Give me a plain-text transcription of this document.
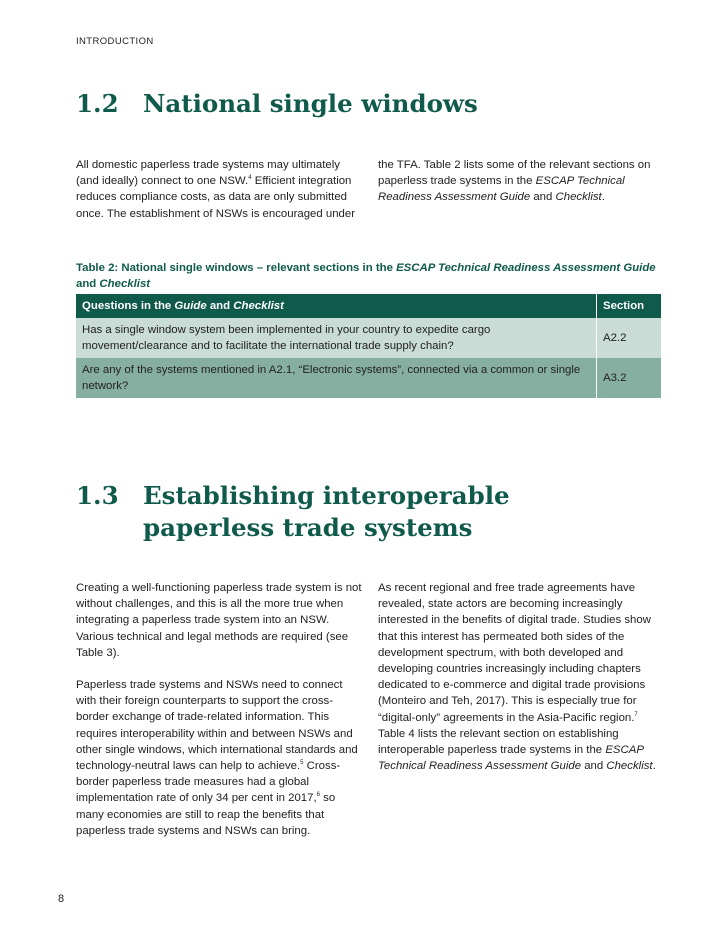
INTRODUCTION
1.2 National single windows

All domestic paperless trade systems may ultimately (and ideally) connect to one NSW.$^4$ Efficient integration reduces compliance costs, as data are only submitted once. The establishment of NSWs is encouraged under

the TFA. Table 2 lists some of the relevant sections on paperless trade systems in the ESCAP Technical Readiness Assessment Guide and Checklist.

Table 2: National single windows – relevant sections in the ESCAP Technical Readiness Assessment Guide and Checklist

Questions in the Guide and Checklist	Section
Has a single window system been implemented in your country to expedite cargo movement/clearance and to facilitate the international trade supply chain?	A2.2
Are any of the systems mentioned in A2.1, “Electronic systems”, connected via a common or single network?	A3.2
1.3 Establishing interoperable
paperless trade systems

Creating a well-functioning paperless trade system is not without challenges, and this is all the more true when integrating a paperless trade system into an NSW. Various technical and legal methods are required (see Table 3).

Paperless trade systems and NSWs need to connect with their foreign counterparts to support the cross-border exchange of trade-related information. This requires interoperability within and between NSWs and other single windows, which international standards and technology-neutral laws can help to achieve.$^5$ Cross-border paperless trade measures had a global implementation rate of only 34 per cent in 2017,$^6$ so many economies are still to reap the benefits that paperless trade systems and NSWs can bring.

As recent regional and free trade agreements have revealed, state actors are becoming increasingly interested in the benefits of digital trade. Studies show that this interest has permeated both sides of the development spectrum, with both developed and developing countries increasingly including chapters dedicated to e-commerce and digital trade provisions (Monteiro and Teh, 2017). This is especially true for “digital-only” agreements in the Asia-Pacific region.$^7$ Table 4 lists the relevant section on establishing interoperable paperless trade systems in the ESCAP Technical Readiness Assessment Guide and Checklist.

8
